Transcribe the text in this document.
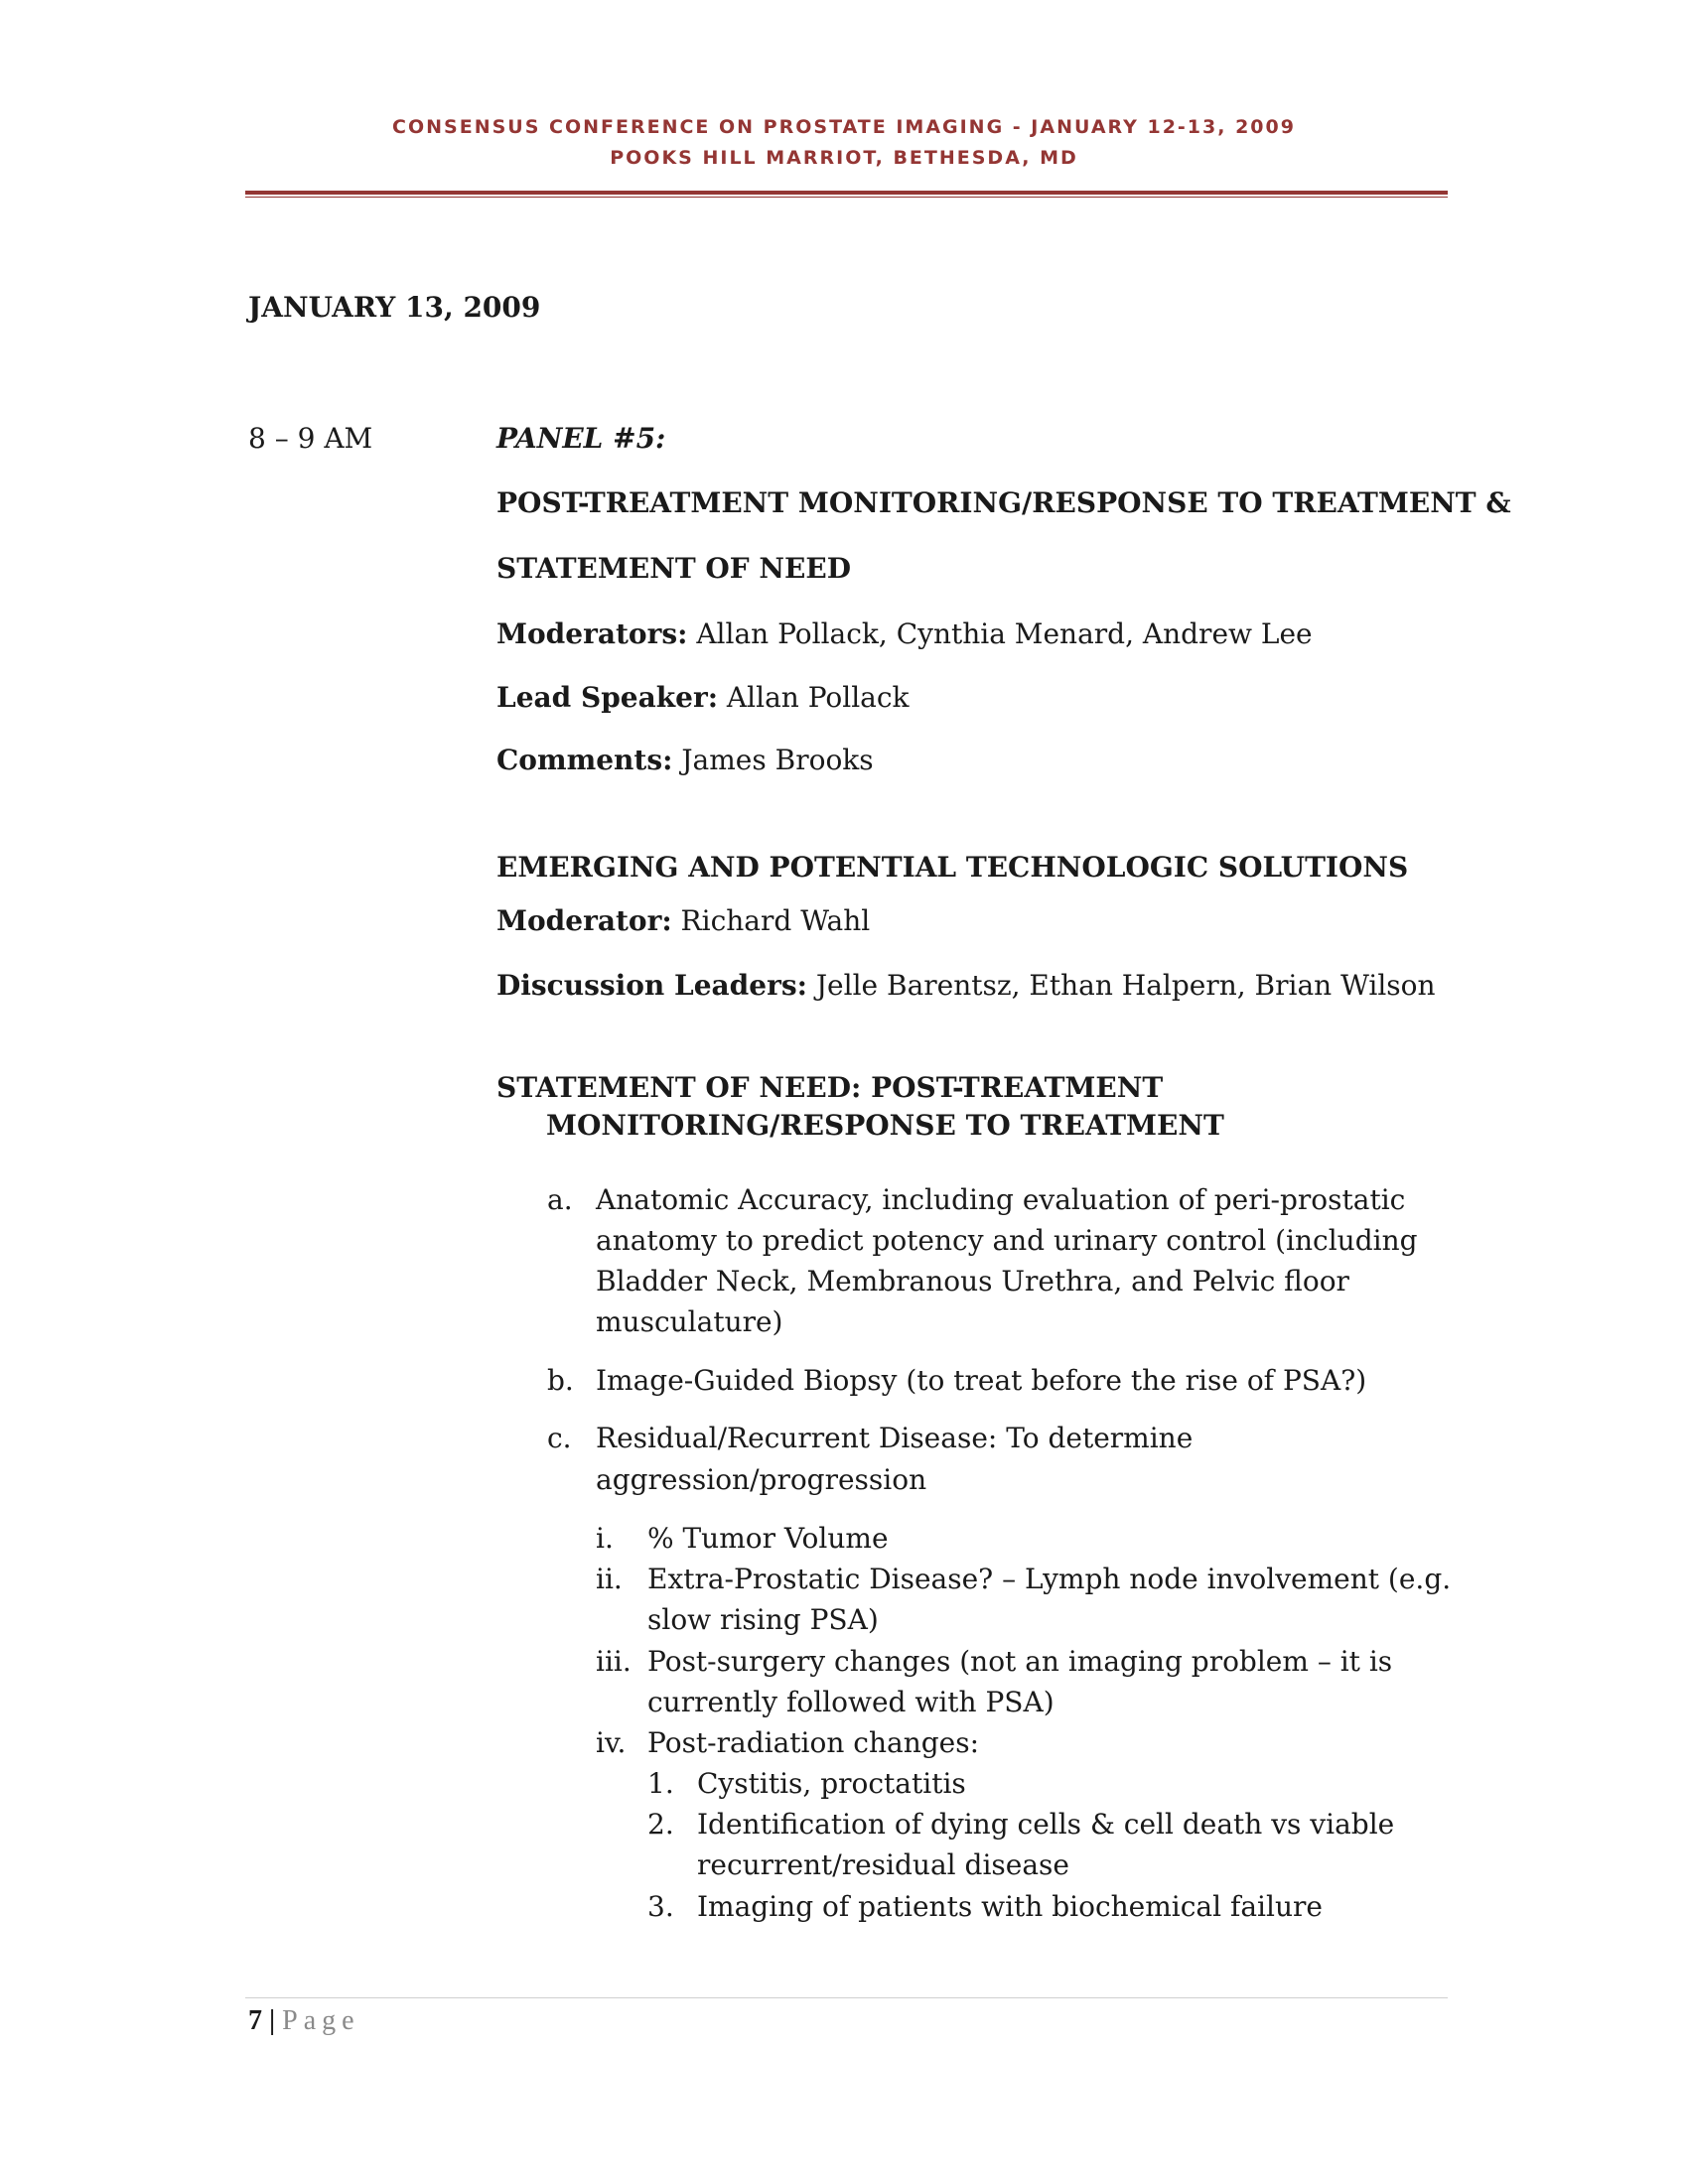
CONSENSUS CONFERENCE ON PROSTATE IMAGING - JANUARY 12-13, 2009
POOKS HILL MARRIOT, BETHESDA, MD
JANUARY 13, 2009
8 – 9 AM	PANEL #5:
POST-TREATMENT MONITORING/RESPONSE TO TREATMENT &
STATEMENT OF NEED
Moderators: Allan Pollack, Cynthia Menard, Andrew Lee
Lead Speaker: Allan Pollack
Comments: James Brooks
EMERGING AND POTENTIAL TECHNOLOGIC SOLUTIONS
Moderator: Richard Wahl
Discussion Leaders: Jelle Barentsz, Ethan Halpern, Brian Wilson
STATEMENT OF NEED: POST-TREATMENT
MONITORING/RESPONSE TO TREATMENT
a. Anatomic Accuracy, including evaluation of peri-prostatic
anatomy to predict potency and urinary control (including
Bladder Neck, Membranous Urethra, and Pelvic floor
musculature)
b. Image-Guided Biopsy (to treat before the rise of PSA?)
c. Residual/Recurrent Disease: To determine
aggression/progression
i. % Tumor Volume
ii. Extra-Prostatic Disease? – Lymph node involvement (e.g.
slow rising PSA)
iii. Post-surgery changes (not an imaging problem – it is
currently followed with PSA)
iv. Post-radiation changes:
1. Cystitis, proctatitis
2. Identification of dying cells & cell death vs viable
recurrent/residual disease
3. Imaging of patients with biochemical failure
7 | Page
